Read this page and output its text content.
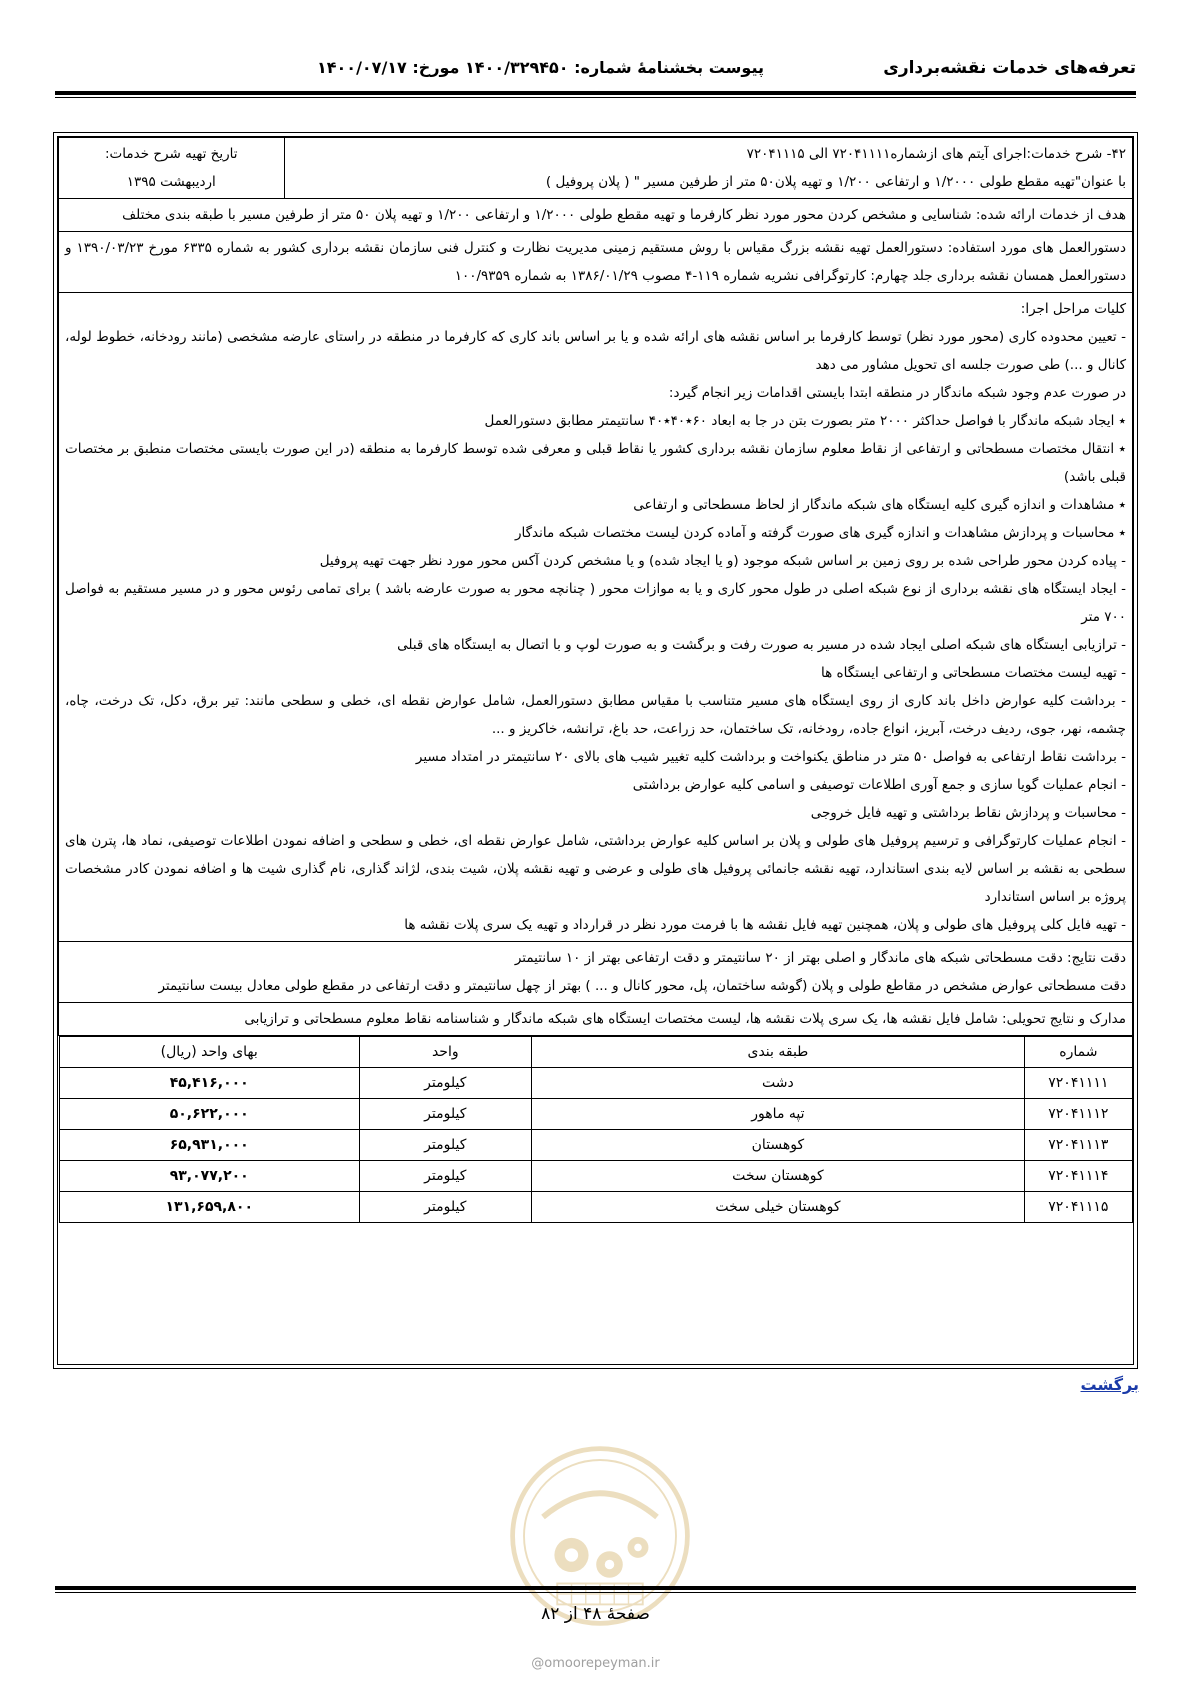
تعرفه‌های خدمات نقشه‌برداری
پیوست بخشنامۀ شماره: ۱۴۰۰/۳۲۹۴۵۰ مورخ: ۱۴۰۰/۰۷/۱۷
۴۲- شرح خدمات:اجرای آیتم های ازشماره۷۲۰۴۱۱۱۱ الی ۷۲۰۴۱۱۱۵
با عنوان"تهیه مقطع طولی ۱/۲۰۰۰ و ارتفاعی ۱/۲۰۰ و تهیه پلان۵۰ متر از طرفین مسیر " ( پلان پروفیل )

تاریخ تهیه شرح خدمات:
اردیبهشت ۱۳۹۵

هدف از خدمات ارائه شده: شناسایی و مشخص کردن محور مورد نظر کارفرما و تهیه مقطع طولی ۱/۲۰۰۰ و ارتفاعی ۱/۲۰۰ و تهیه پلان ۵۰ متر از طرفین مسیر با طبقه بندی مختلف
دستورالعمل های مورد استفاده: دستورالعمل تهیه نقشه بزرگ مقیاس با روش مستقیم زمینی مدیریت نظارت و کنترل فنی سازمان نقشه برداری کشور به شماره ۶۳۳۵ مورخ ۱۳۹۰/۰۳/۲۳ و دستورالعمل همسان نقشه برداری جلد چهارم: کارتوگرافی نشریه شماره ۱۱۹-۴ مصوب ۱۳۸۶/۰۱/۲۹ به شماره ۱۰۰/۹۳۵۹

کلیات مراحل اجرا:
- تعیین محدوده کاری (محور مورد نظر) توسط کارفرما بر اساس نقشه های ارائه شده و یا بر اساس باند کاری که کارفرما در منطقه در راستای عارضه مشخصی (مانند رودخانه، خطوط لوله، کانال و ...) طی صورت جلسه ای تحویل مشاور می دهد
در صورت عدم وجود شبکه ماندگار در منطقه ابتدا بایستی اقدامات زیر انجام گیرد:
٭ ایجاد شبکه ماندگار با فواصل حداکثر ۲۰۰۰ متر بصورت بتن در جا به ابعاد ۶۰٭۴۰٭۴۰ سانتیمتر مطابق دستورالعمل
٭ انتقال مختصات مسطحاتی و ارتفاعی از نقاط معلوم سازمان نقشه برداری کشور یا نقاط قبلی و معرفی شده توسط کارفرما به منطقه (در این صورت بایستی مختصات منطبق بر مختصات قبلی باشد)
٭ مشاهدات و اندازه گیری کلیه ایستگاه های شبکه ماندگار از لحاظ مسطحاتی و ارتفاعی
٭ محاسبات و پردازش مشاهدات و اندازه گیری های صورت گرفته و آماده کردن لیست مختصات شبکه ماندگار
- پیاده کردن محور طراحی شده بر روی زمین بر اساس شبکه موجود (و یا ایجاد شده) و یا مشخص کردن آکس محور مورد نظر جهت تهیه پروفیل
- ایجاد ایستگاه های نقشه برداری از نوع شبکه اصلی در طول محور کاری و یا به موازات محور ( چنانچه محور به صورت عارضه باشد ) برای تمامی رئوس محور و در مسیر مستقیم به فواصل ۷۰۰ متر
- ترازیابی ایستگاه های شبکه اصلی ایجاد شده در مسیر به صورت رفت و برگشت و به صورت لوپ و با اتصال به ایستگاه های قبلی
- تهیه لیست مختصات مسطحاتی و ارتفاعی ایستگاه ها
- برداشت کلیه عوارض داخل باند کاری از روی ایستگاه های مسیر متناسب با مقیاس مطابق دستورالعمل، شامل عوارض نقطه ای، خطی و سطحی مانند: تیر برق، دکل، تک درخت، چاه، چشمه، نهر، جوی، ردیف درخت، آبریز، انواع جاده، رودخانه، تک ساختمان، حد زراعت، حد باغ، ترانشه، خاکریز و ...
- برداشت نقاط ارتفاعی به فواصل ۵۰ متر در مناطق یکنواخت و برداشت کلیه تغییر شیب های بالای ۲۰ سانتیمتر در امتداد مسیر
- انجام عملیات گویا سازی و جمع آوری اطلاعات توصیفی و اسامی کلیه عوارض برداشتی
- محاسبات و پردازش نقاط برداشتی و تهیه فایل خروجی
- انجام عملیات کارتوگرافی و ترسیم پروفیل های طولی و پلان بر اساس کلیه عوارض برداشتی، شامل عوارض نقطه ای، خطی و سطحی و اضافه نمودن اطلاعات توصیفی، نماد ها، پترن های سطحی به نقشه بر اساس لایه بندی استاندارد، تهیه نقشه جانمائی پروفیل های طولی و عرضی و تهیه نقشه پلان، شیت بندی، لژاند گذاری، نام گذاری شیت ها و اضافه نمودن کادر مشخصات پروژه بر اساس استاندارد
- تهیه فایل کلی پروفیل های طولی و پلان، همچنین تهیه فایل نقشه ها با فرمت مورد نظر در قرارداد و تهیه یک سری پلات نقشه ها

دقت نتایج: دقت مسطحاتی شبکه های ماندگار و اصلی بهتر از ۲۰ سانتیمتر و دقت ارتفاعی بهتر از ۱۰ سانتیمتر
دقت مسطحاتی عوارض مشخص در مقاطع طولی و پلان (گوشه ساختمان، پل، محور کانال و ... ) بهتر از چهل سانتیمتر و دقت ارتفاعی در مقطع طولی معادل بیست سانتیمتر

مدارک و نتایج تحویلی: شامل فایل نقشه ها، یک سری پلات نقشه ها، لیست مختصات ایستگاه های شبکه ماندگار و شناسنامه نقاط معلوم مسطحاتی و ترازیابی

شماره	طبقه بندی	واحد	بهای واحد (ریال)
۷۲۰۴۱۱۱۱	دشت	کیلومتر	۴۵,۴۱۶,۰۰۰
۷۲۰۴۱۱۱۲	تپه ماهور	کیلومتر	۵۰,۶۲۲,۰۰۰
۷۲۰۴۱۱۱۳	کوهستان	کیلومتر	۶۵,۹۳۱,۰۰۰
۷۲۰۴۱۱۱۴	کوهستان سخت	کیلومتر	۹۳,۰۷۷,۲۰۰
۷۲۰۴۱۱۱۵	کوهستان خیلی سخت	کیلومتر	۱۳۱,۶۵۹,۸۰۰
برگشت
صفحۀ ۴۸ از ۸۲
@omoorepeyman.ir
